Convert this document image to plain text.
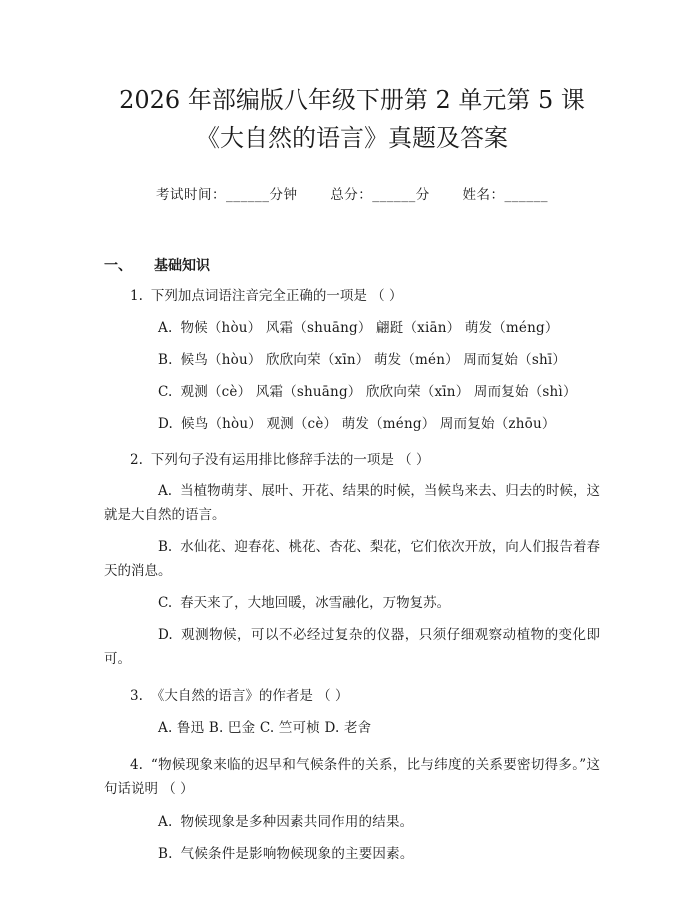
2026 年部编版八年级下册第 2 单元第 5 课
《大自然的语言》真题及答案
考试时间：______分钟 总分：______分 姓名：______
一、 基础知识
1. 下列加点词语注音完全正确的一项是 （ ）
A. 物候（hòu） 风霜（shuāng） 翩跹（xiān） 萌发（méng）
B. 候鸟（hòu） 欣欣向荣（xīn） 萌发（mén） 周而复始（shī）
C. 观测（cè） 风霜（shuāng） 欣欣向荣（xīn） 周而复始（shì）
D. 候鸟（hòu） 观测（cè） 萌发（méng） 周而复始（zhōu）
2. 下列句子没有运用排比修辞手法的一项是 （ ）
A. 当植物萌芽、展叶、开花、结果的时候，当候鸟来去、归去的时候，这就是大自然的语言。
B. 水仙花、迎春花、桃花、杏花、梨花，它们依次开放，向人们报告着春天的消息。
C. 春天来了，大地回暖，冰雪融化，万物复苏。
D. 观测物候，可以不必经过复杂的仪器，只须仔细观察动植物的变化即可。
3. 《大自然的语言》的作者是 （ ）
A. 鲁迅 B. 巴金 C. 竺可桢 D. 老舍
4. “物候现象来临的迟早和气候条件的关系，比与纬度的关系要密切得多。”这句话说明 （ ）
A. 物候现象是多种因素共同作用的结果。
B. 气候条件是影响物候现象的主要因素。
